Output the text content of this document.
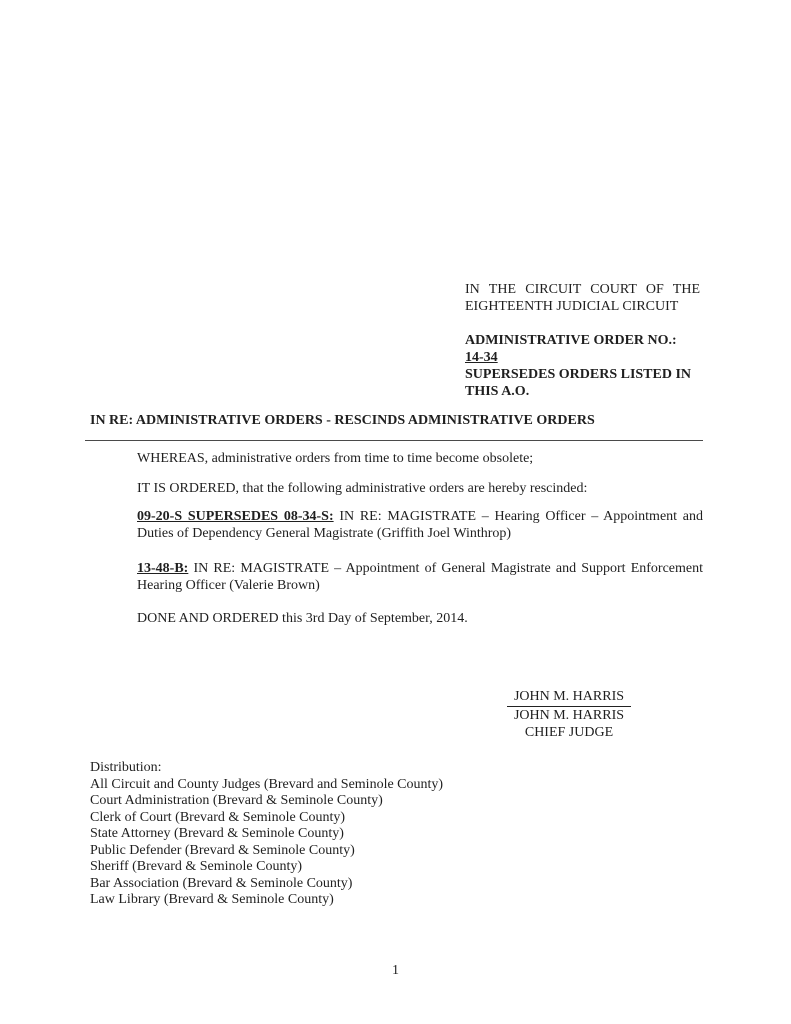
IN THE CIRCUIT COURT OF THE EIGHTEENTH JUDICIAL CIRCUIT
ADMINISTRATIVE ORDER NO.:
14-34
SUPERSEDES ORDERS LISTED IN THIS A.O.
IN RE: ADMINISTRATIVE ORDERS - RESCINDS ADMINISTRATIVE ORDERS

WHEREAS, administrative orders from time to time become obsolete;

IT IS ORDERED, that the following administrative orders are hereby rescinded:

09-20-S SUPERSEDES 08-34-S: IN RE: MAGISTRATE – Hearing Officer – Appointment and Duties of Dependency General Magistrate (Griffith Joel Winthrop)

13-48-B: IN RE: MAGISTRATE – Appointment of General Magistrate and Support Enforcement Hearing Officer (Valerie Brown)

DONE AND ORDERED this 3rd Day of September, 2014.

JOHN M. HARRIS
JOHN M. HARRIS
CHIEF JUDGE
Distribution:
All Circuit and County Judges (Brevard and Seminole County)
Court Administration (Brevard & Seminole County)
Clerk of Court (Brevard & Seminole County)
State Attorney (Brevard & Seminole County)
Public Defender (Brevard & Seminole County)
Sheriff (Brevard & Seminole County)
Bar Association (Brevard & Seminole County)
Law Library (Brevard & Seminole County)
1
